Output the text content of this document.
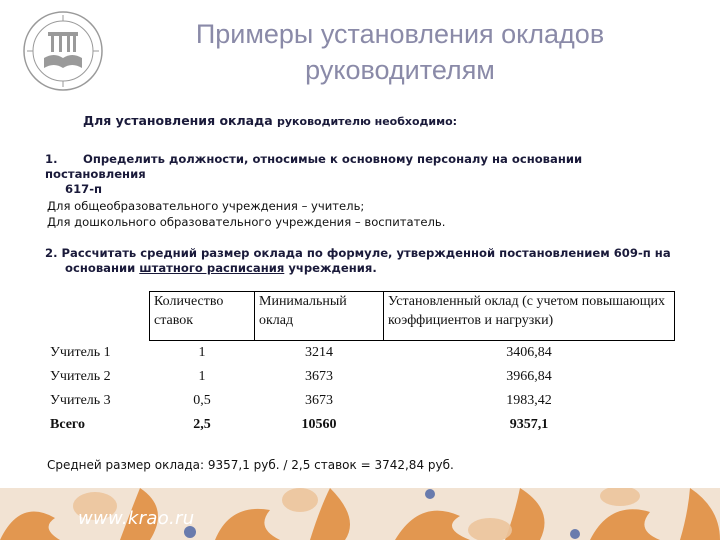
Примеры установления окладов руководителям
Для установления оклада руководителю необходимо:
1. Определить должности, относимые к основному персоналу на основании постановления
617-п
Для общеобразовательного учреждения – учитель;
Для дошкольного образовательного учреждения – воспитатель.
2. Рассчитать средний размер оклада по формуле, утвержденной постановлением 609-п на
основании штатного расписания учреждения.
	Количество ставок	Минимальный оклад	Установленный оклад (с учетом повышающих коэффициентов и нагрузки)
Учитель 1	1	3214	3406,84
Учитель 2	1	3673	3966,84
Учитель 3	0,5	3673	1983,42
Всего	2,5	10560	9357,1
Средней размер оклада: 9357,1 руб. / 2,5 ставок = 3742,84 руб.
www.krao.ru
